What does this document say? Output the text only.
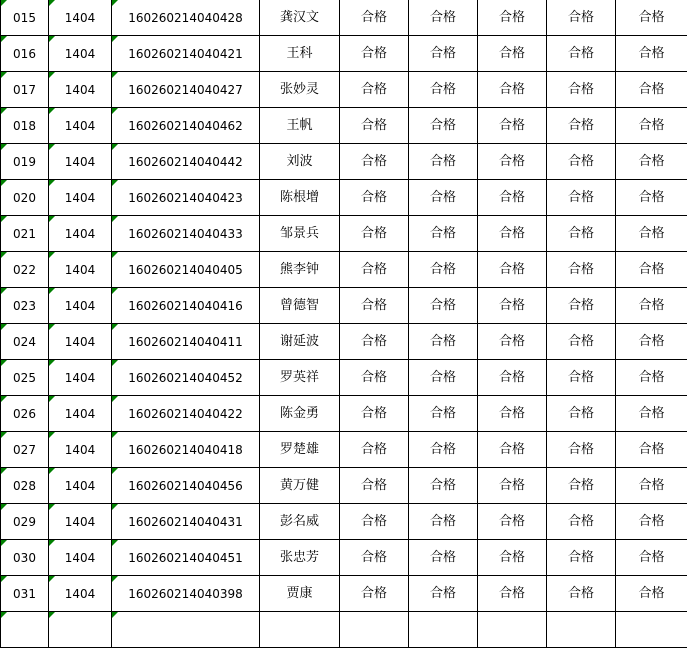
015	1404	160260214040428	龚汉文	合格	合格	合格	合格	合格
016	1404	160260214040421	王科	合格	合格	合格	合格	合格
017	1404	160260214040427	张妙灵	合格	合格	合格	合格	合格
018	1404	160260214040462	王帆	合格	合格	合格	合格	合格
019	1404	160260214040442	刘波	合格	合格	合格	合格	合格
020	1404	160260214040423	陈根增	合格	合格	合格	合格	合格
021	1404	160260214040433	邹景兵	合格	合格	合格	合格	合格
022	1404	160260214040405	熊李钟	合格	合格	合格	合格	合格
023	1404	160260214040416	曾德智	合格	合格	合格	合格	合格
024	1404	160260214040411	谢延波	合格	合格	合格	合格	合格
025	1404	160260214040452	罗英祥	合格	合格	合格	合格	合格
026	1404	160260214040422	陈金勇	合格	合格	合格	合格	合格
027	1404	160260214040418	罗楚雄	合格	合格	合格	合格	合格
028	1404	160260214040456	黄万健	合格	合格	合格	合格	合格
029	1404	160260214040431	彭名威	合格	合格	合格	合格	合格
030	1404	160260214040451	张忠芳	合格	合格	合格	合格	合格
031	1404	160260214040398	贾康	合格	合格	合格	合格	合格
